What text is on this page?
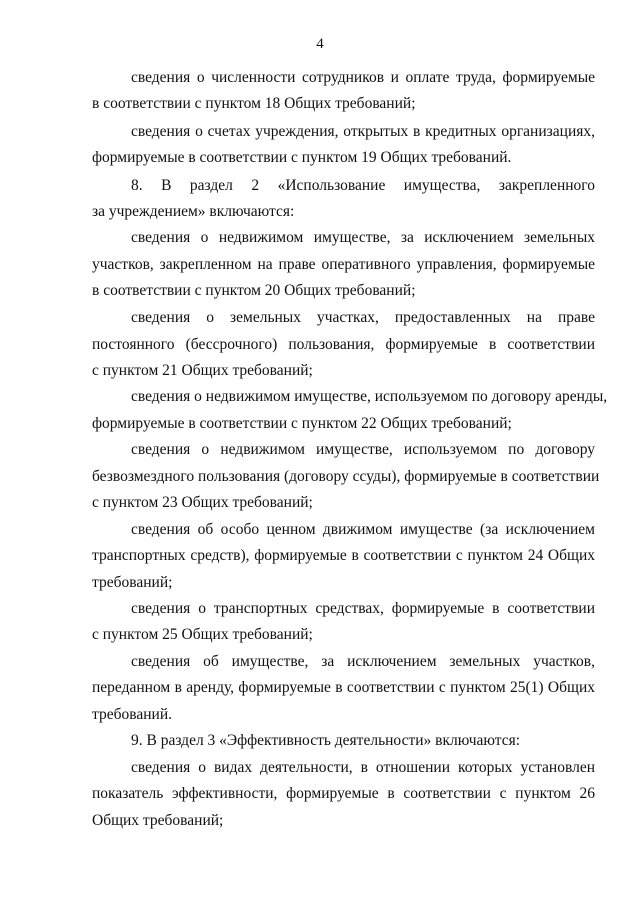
4
сведения о численности сотрудников и оплате труда, формируемые
в соответствии с пунктом 18 Общих требований;
сведения о счетах учреждения, открытых в кредитных организациях,
формируемые в соответствии с пунктом 19 Общих требований.
8. В раздел 2 «Использование имущества, закрепленного
за учреждением» включаются:
сведения о недвижимом имуществе, за исключением земельных
участков, закрепленном на праве оперативного управления, формируемые
в соответствии с пунктом 20 Общих требований;
сведения о земельных участках, предоставленных на праве
постоянного (бессрочного) пользования, формируемые в соответствии
с пунктом 21 Общих требований;
сведения о недвижимом имуществе, используемом по договору аренды,
формируемые в соответствии с пунктом 22 Общих требований;
сведения о недвижимом имуществе, используемом по договору
безвозмездного пользования (договору ссуды), формируемые в соответствии
с пунктом 23 Общих требований;
сведения об особо ценном движимом имуществе (за исключением
транспортных средств), формируемые в соответствии с пунктом 24 Общих
требований;
сведения о транспортных средствах, формируемые в соответствии
с пунктом 25 Общих требований;
сведения об имуществе, за исключением земельных участков,
переданном в аренду, формируемые в соответствии с пунктом 25(1) Общих
требований.
9. В раздел 3 «Эффективность деятельности» включаются:
сведения о видах деятельности, в отношении которых установлен
показатель эффективности, формируемые в соответствии с пунктом 26
Общих требований;
